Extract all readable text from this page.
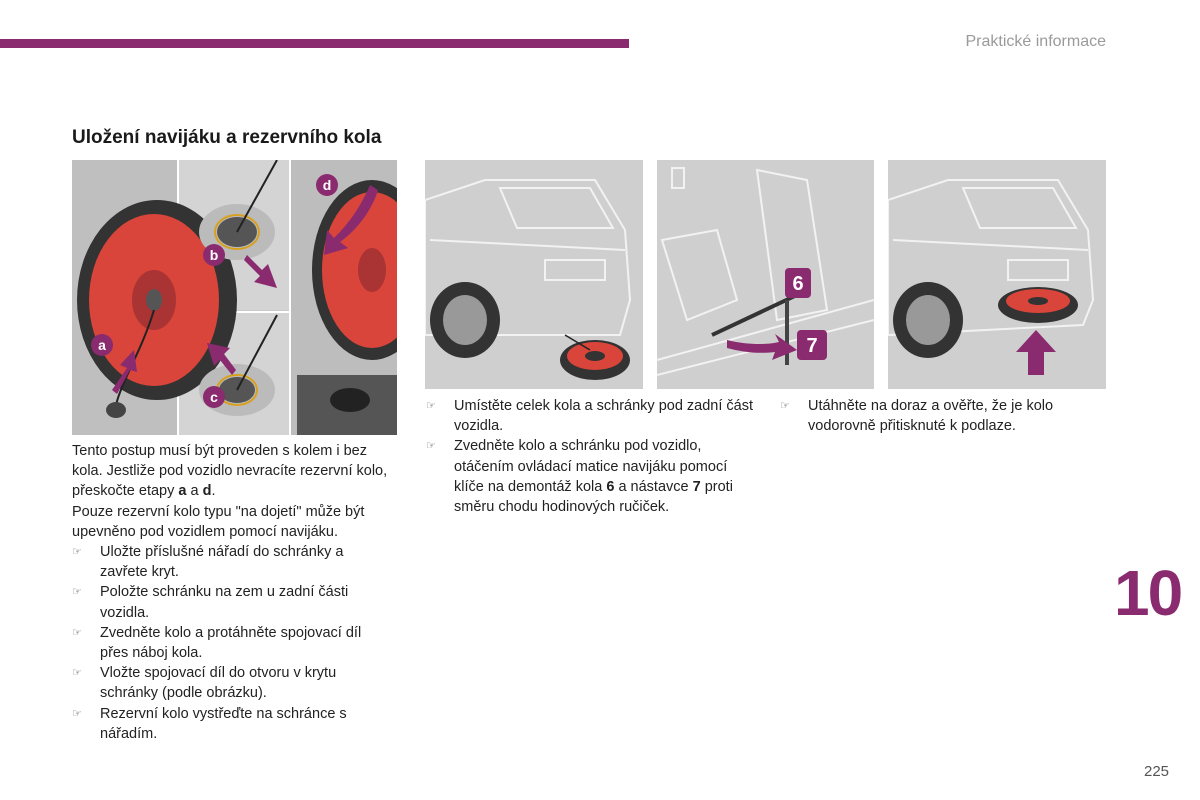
Praktické informace
Uložení navijáku a rezervního kola
a
b
c
d
6
7

Tento postup musí být proveden s kolem i bez kola. Jestliže pod vozidlo nevracíte rezervní kolo, přeskočte etapy a a d.

Pouze rezervní kolo typu "na dojetí" může být upevněno pod vozidlem pomocí navijáku.

☞ Uložte příslušné nářadí do schránky a zavřete kryt.
☞ Položte schránku na zem u zadní části vozidla.
☞ Zvedněte kolo a protáhněte spojovací díl přes náboj kola.
☞ Vložte spojovací díl do otvoru v krytu schránky (podle obrázku).
☞ Rezervní kolo vystřeďte na schránce s nářadím.
☞ Umístěte celek kola a schránky pod zadní část vozidla.
☞ Zvedněte kolo a schránku pod vozidlo, otáčením ovládací matice navijáku pomocí klíče na demontáž kola 6 a nástavce 7 proti směru chodu hodinových ručiček.
☞ Utáhněte na doraz a ověřte, že je kolo vodorovně přitisknuté k podlaze.
10
225
